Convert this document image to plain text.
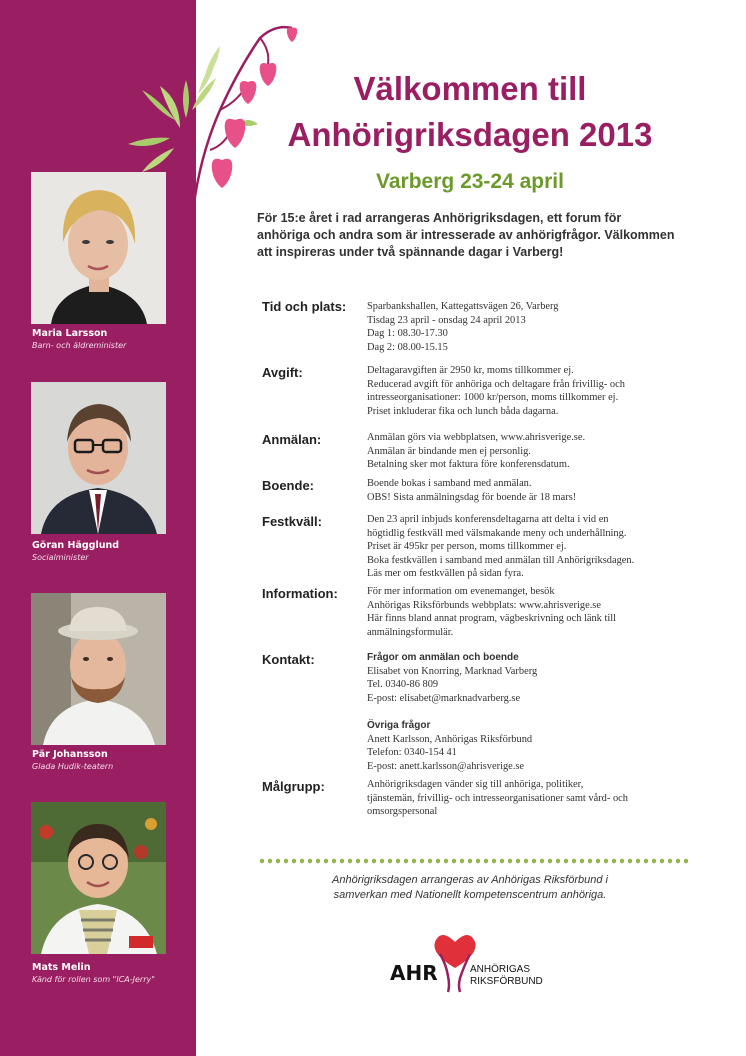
Maria Larsson
Barn- och äldreminister
Göran Hägglund
Socialminister
Pär Johansson
Glada Hudik-teatern
Mats Melin
Känd för rollen som "ICA-Jerry"
Välkommen till
Anhörigriksdagen 2013
Varberg 23-24 april
För 15:e året i rad arrangeras Anhörigriksdagen, ett forum för anhöriga och andra som är intresserade av anhörigfrågor. Välkommen att inspireras under två spännande dagar i Varberg!
Tid och plats: Sparbankshallen, Kattegattsvägen 26, Varberg
Tisdag 23 april - onsdag 24 april 2013
Dag 1: 08.30-17.30
Dag 2: 08.00-15.15
Avgift:	Deltagaravgiften är 2950 kr, moms tillkommer ej.
Reducerad avgift för anhöriga och deltagare från frivillig- och
intresseorganisationer: 1000 kr/person, moms tillkommer ej.
Priset inkluderar fika och lunch båda dagarna.
Anmälan:	Anmälan görs via webbplatsen, www.ahrisverige.se.
Anmälan är bindande men ej personlig.
Betalning sker mot faktura före konferensdatum.
Boende:	Boende bokas i samband med anmälan.
OBS! Sista anmälningsdag för boende är 18 mars!
Festkväll:	Den 23 april inbjuds konferensdeltagarna att delta i vid en
högtidlig festkväll med välsmakande meny och underhållning.
Priset är 495kr per person, moms tillkommer ej.
Boka festkvällen i samband med anmälan till Anhörigriksdagen.
Läs mer om festkvällen på sidan fyra.
Information:	För mer information om evenemanget, besök
Anhörigas Riksförbunds webbplats: www.ahrisverige.se
Här finns bland annat program, vägbeskrivning och länk till
anmälningsformulär.
Kontakt:	Frågor om anmälan och boende
Elisabet von Knorring, Marknad Varberg
Tel. 0340-86 809
E-post: elisabet@marknadvarberg.se
Övriga frågor
Anett Karlsson, Anhörigas Riksförbund
Telefon: 0340-154 41
E-post: anett.karlsson@ahrisverige.se
Målgrupp:	Anhörigriksdagen vänder sig till anhöriga, politiker,
tjänstemän, frivillig- och intresseorganisationer samt vård- och
omsorgspersonal
Anhörigriksdagen arrangeras av Anhörigas Riksförbund i
samverkan med Nationellt kompetenscentrum anhöriga.
AHR	ANHÖRIGAS
RIKSFÖRBUND
